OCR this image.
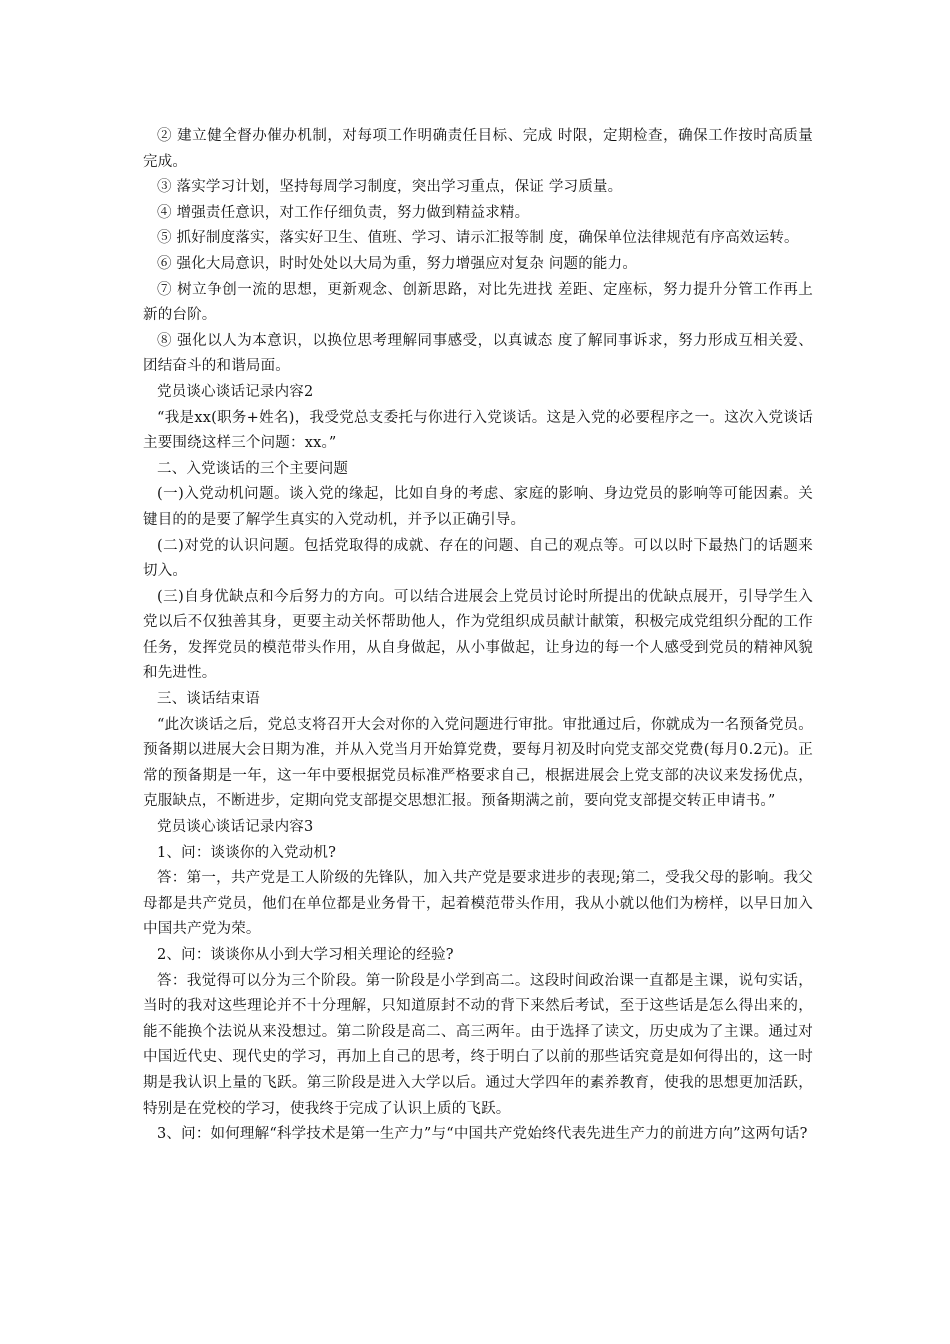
② 建立健全督办催办机制，对每项工作明确责任目标、完成 时限，定期检查，确保工作按时高质量完成。

③ 落实学习计划，坚持每周学习制度，突出学习重点，保证 学习质量。

④ 增强责任意识，对工作仔细负责，努力做到精益求精。

⑤ 抓好制度落实，落实好卫生、值班、学习、请示汇报等制 度，确保单位法律规范有序高效运转。

⑥ 强化大局意识，时时处处以大局为重，努力增强应对复杂 问题的能力。

⑦ 树立争创一流的思想，更新观念、创新思路，对比先进找 差距、定座标，努力提升分管工作再上新的台阶。

⑧ 强化以人为本意识，以换位思考理解同事感受，以真诚态 度了解同事诉求，努力形成互相关爱、团结奋斗的和谐局面。

党员谈心谈话记录内容2

“我是xx(职务+姓名)，我受党总支委托与你进行入党谈话。这是入党的必要程序之一。这次入党谈话主要围绕这样三个问题：xx。”

二、入党谈话的三个主要问题

(一)入党动机问题。谈入党的缘起，比如自身的考虑、家庭的影响、身边党员的影响等可能因素。关键目的的是要了解学生真实的入党动机，并予以正确引导。

(二)对党的认识问题。包括党取得的成就、存在的问题、自己的观点等。可以以时下最热门的话题来切入。

(三)自身优缺点和今后努力的方向。可以结合进展会上党员讨论时所提出的优缺点展开，引导学生入党以后不仅独善其身，更要主动关怀帮助他人，作为党组织成员献计献策，积极完成党组织分配的工作任务，发挥党员的模范带头作用，从自身做起，从小事做起，让身边的每一个人感受到党员的精神风貌和先进性。

三、谈话结束语

“此次谈话之后，党总支将召开大会对你的入党问题进行审批。审批通过后，你就成为一名预备党员。预备期以进展大会日期为准，并从入党当月开始算党费，要每月初及时向党支部交党费(每月0.2元)。正常的预备期是一年，这一年中要根据党员标准严格要求自己，根据进展会上党支部的决议来发扬优点，克服缺点，不断进步，定期向党支部提交思想汇报。预备期满之前，要向党支部提交转正申请书。”

党员谈心谈话记录内容3

1、问：谈谈你的入党动机?

答：第一，共产党是工人阶级的先锋队，加入共产党是要求进步的表现;第二，受我父母的影响。我父母都是共产党员，他们在单位都是业务骨干，起着模范带头作用，我从小就以他们为榜样，以早日加入中国共产党为荣。

2、问：谈谈你从小到大学习相关理论的经验?

答：我觉得可以分为三个阶段。第一阶段是小学到高二。这段时间政治课一直都是主课，说句实话，当时的我对这些理论并不十分理解，只知道原封不动的背下来然后考试，至于这些话是怎么得出来的，能不能换个法说从来没想过。第二阶段是高二、高三两年。由于选择了读文，历史成为了主课。通过对中国近代史、现代史的学习，再加上自己的思考，终于明白了以前的那些话究竟是如何得出的，这一时期是我认识上量的飞跃。第三阶段是进入大学以后。通过大学四年的素养教育，使我的思想更加活跃，特别是在党校的学习，使我终于完成了认识上质的飞跃。

3、问：如何理解“科学技术是第一生产力”与“中国共产党始终代表先进生产力的前进方向”这两句话?
